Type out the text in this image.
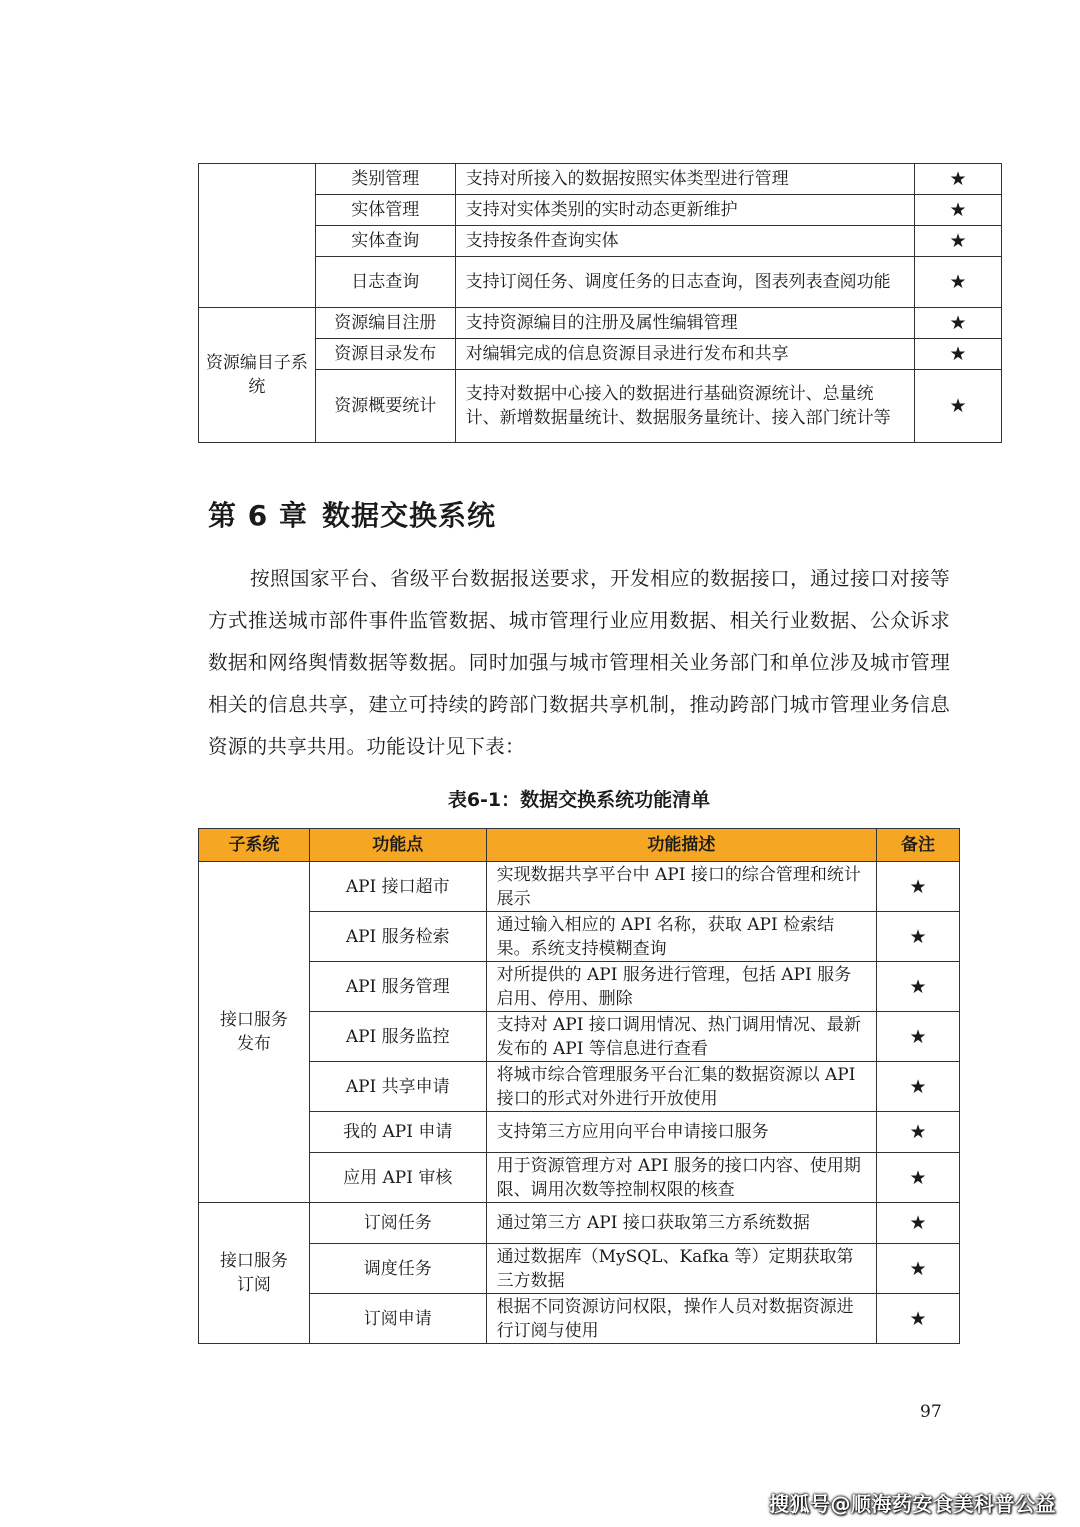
	类别管理	支持对所接入的数据按照实体类型进行管理	★
	实体管理	支持对实体类别的实时动态更新维护	★
	实体查询	支持按条件查询实体	★
	日志查询	支持订阅任务、调度任务的日志查询，图表列表查阅功能	★
资源编目子系统	资源编目注册	支持资源编目的注册及属性编辑管理	★
	资源目录发布	对编辑完成的信息资源目录进行发布和共享	★
	资源概要统计	支持对数据中心接入的数据进行基础资源统计、总量统计、新增数据量统计、数据服务量统计、接入部门统计等	★
第 6 章 数据交换系统

按照国家平台、省级平台数据报送要求，开发相应的数据接口，通过接口对接等方式推送城市部件事件监管数据、城市管理行业应用数据、相关行业数据、公众诉求数据和网络舆情数据等数据。同时加强与城市管理相关业务部门和单位涉及城市管理相关的信息共享，建立可持续的跨部门数据共享机制，推动跨部门城市管理业务信息资源的共享共用。功能设计见下表：

表6-1：数据交换系统功能清单

子系统	功能点	功能描述	备注
接口服务发布	API 接口超市	实现数据共享平台中 API 接口的综合管理和统计展示	★
	API 服务检索	通过输入相应的 API 名称，获取 API 检索结果。系统支持模糊查询	★
	API 服务管理	对所提供的 API 服务进行管理，包括 API 服务启用、停用、删除	★
	API 服务监控	支持对 API 接口调用情况、热门调用情况、最新发布的 API 等信息进行查看	★
	API 共享申请	将城市综合管理服务平台汇集的数据资源以 API 接口的形式对外进行开放使用	★
	我的 API 申请	支持第三方应用向平台申请接口服务	★
	应用 API 审核	用于资源管理方对 API 服务的接口内容、使用期限、调用次数等控制权限的核查	★
接口服务订阅	订阅任务	通过第三方 API 接口获取第三方系统数据	★
	调度任务	通过数据库（MySQL、Kafka 等）定期获取第三方数据	★
	订阅申请	根据不同资源访问权限，操作人员对数据资源进行订阅与使用	★

97

搜狐号@顺海药安食美科普公益
